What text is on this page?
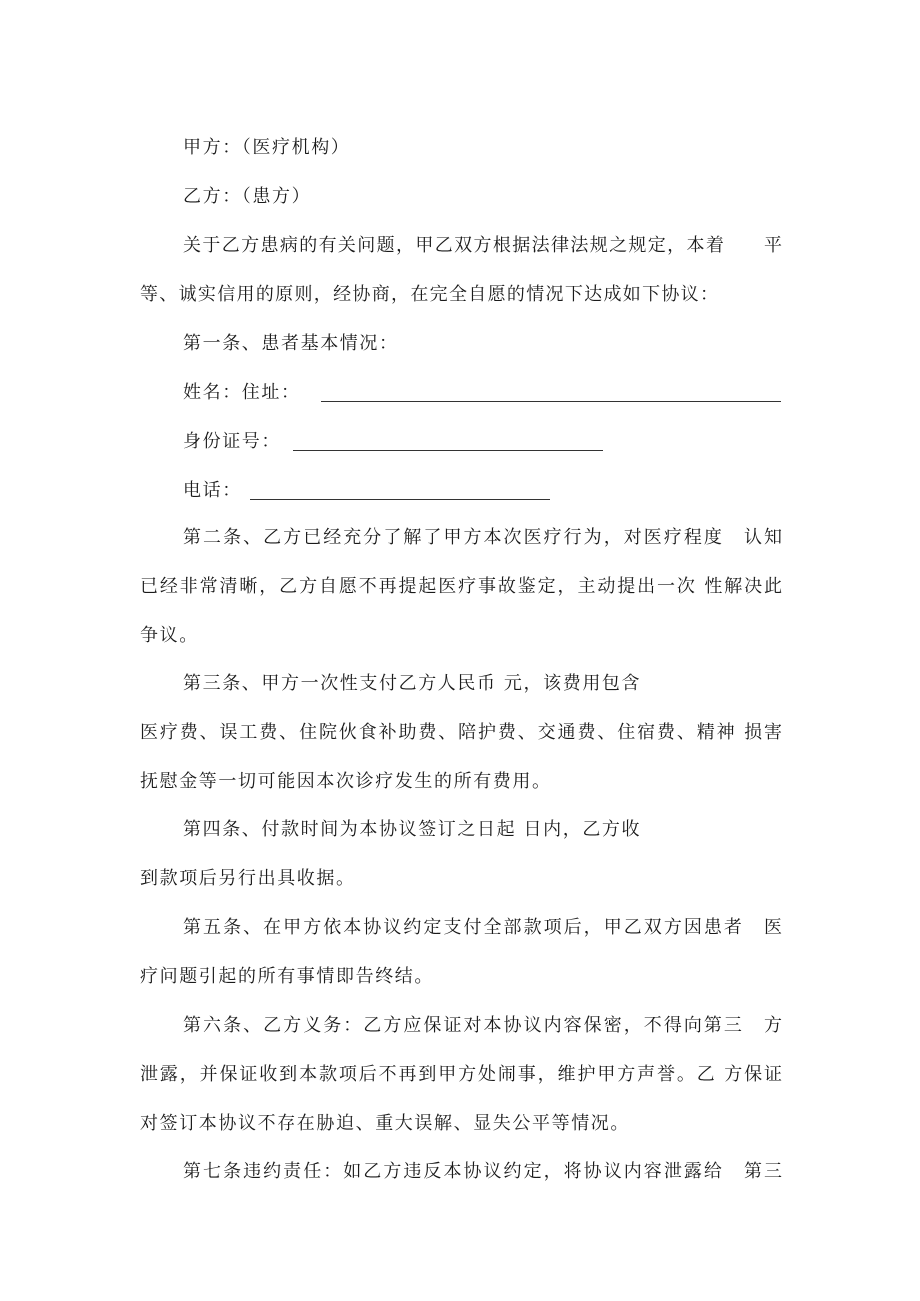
甲方：（医疗机构）
乙方：（患方）
关于乙方患病的有关问题，甲乙双方根据法律法规之规定，本着　　平
等、诚实信用的原则，经协商，在完全自愿的情况下达成如下协议：
第一条、患者基本情况：
姓名：住址：
身份证号：
电话：
第二条、乙方已经充分了解了甲方本次医疗行为，对医疗程度　认知
已经非常清晰，乙方自愿不再提起医疗事故鉴定，主动提出一次 性解决此
争议。
第三条、甲方一次性支付乙方人民币 元，该费用包含
医疗费、误工费、住院伙食补助费、陪护费、交通费、住宿费、精神 损害
抚慰金等一切可能因本次诊疗发生的所有费用。
第四条、付款时间为本协议签订之日起 日内，乙方收
到款项后另行出具收据。
第五条、在甲方依本协议约定支付全部款项后，甲乙双方因患者　医
疗问题引起的所有事情即告终结。
第六条、乙方义务：乙方应保证对本协议内容保密，不得向第三　方
泄露，并保证收到本款项后不再到甲方处闹事，维护甲方声誉。乙 方保证
对签订本协议不存在胁迫、重大误解、显失公平等情况。
第七条违约责任：如乙方违反本协议约定，将协议内容泄露给　第三
